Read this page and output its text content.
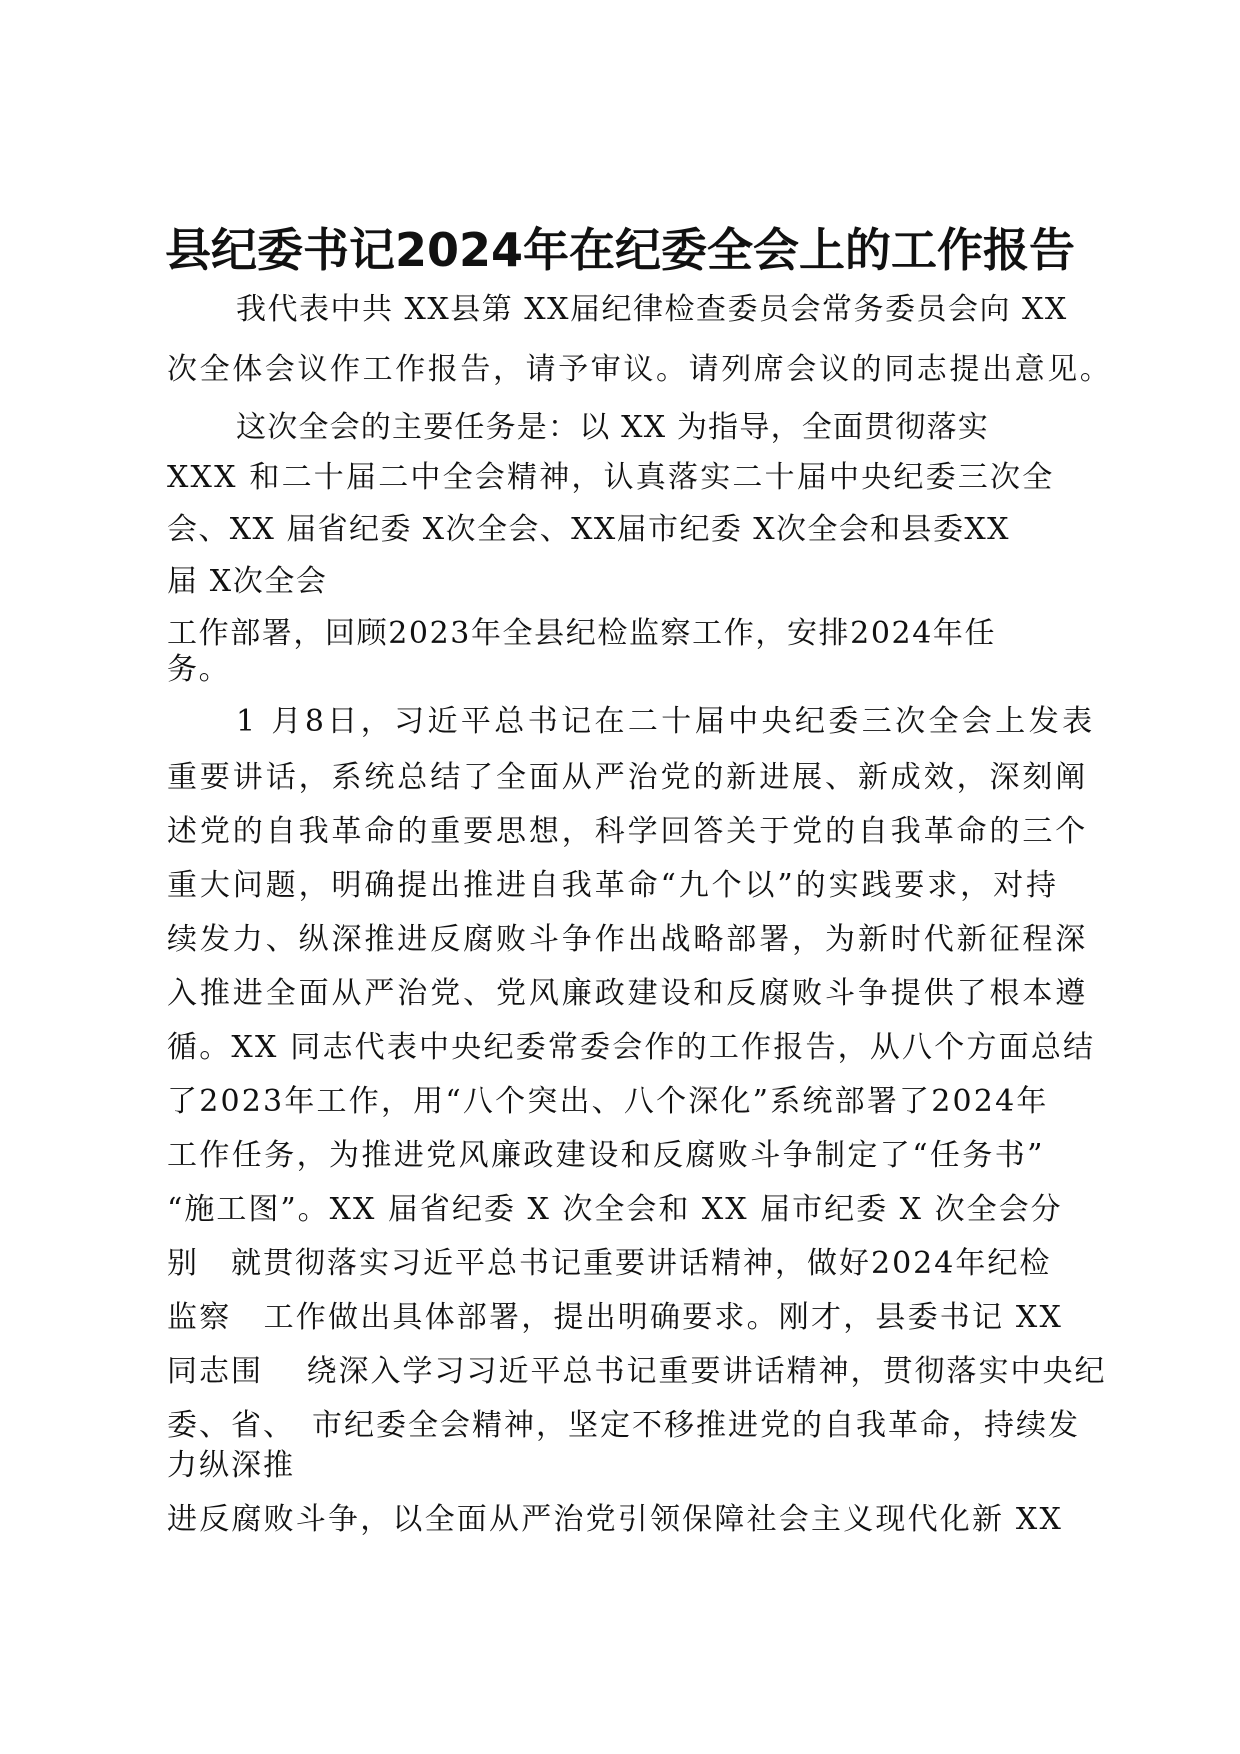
县纪委书记2024年在纪委全会上的工作报告
我代表中共 XX县第 XX届纪律检查委员会常务委员会向 XX
次全体会议作工作报告，请予审议。请列席会议的同志提出意见。
这次全会的主要任务是：以 XX 为指导，全面贯彻落实
XXX 和二十届二中全会精神，认真落实二十届中央纪委三次全
会、XX 届省纪委 X次全会、XX届市纪委 X次全会和县委XX
届 X次全会
工作部署，回顾2023年全县纪检监察工作，安排2024年任
务。
1 月8日，习近平总书记在二十届中央纪委三次全会上发表
重要讲话，系统总结了全面从严治党的新进展、新成效，深刻阐
述党的自我革命的重要思想，科学回答关于党的自我革命的三个
重大问题，明确提出推进自我革命“九个以”的实践要求，对持
续发力、纵深推进反腐败斗争作出战略部署，为新时代新征程深
入推进全面从严治党、党风廉政建设和反腐败斗争提供了根本遵
循。XX 同志代表中央纪委常委会作的工作报告，从八个方面总结
了2023年工作，用“八个突出、八个深化”系统部署了2024年
工作任务，为推进党风廉政建设和反腐败斗争制定了“任务书”
“施工图”。XX 届省纪委 X 次全会和 XX 届市纪委 X 次全会分
别　就贯彻落实习近平总书记重要讲话精神，做好2024年纪检
监察　工作做出具体部署，提出明确要求。刚才，县委书记 XX
同志围　 绕深入学习习近平总书记重要讲话精神，贯彻落实中央纪
委、省、　市纪委全会精神，坚定不移推进党的自我革命，持续发
力纵深推
进反腐败斗争，以全面从严治党引领保障社会主义现代化新 XX
